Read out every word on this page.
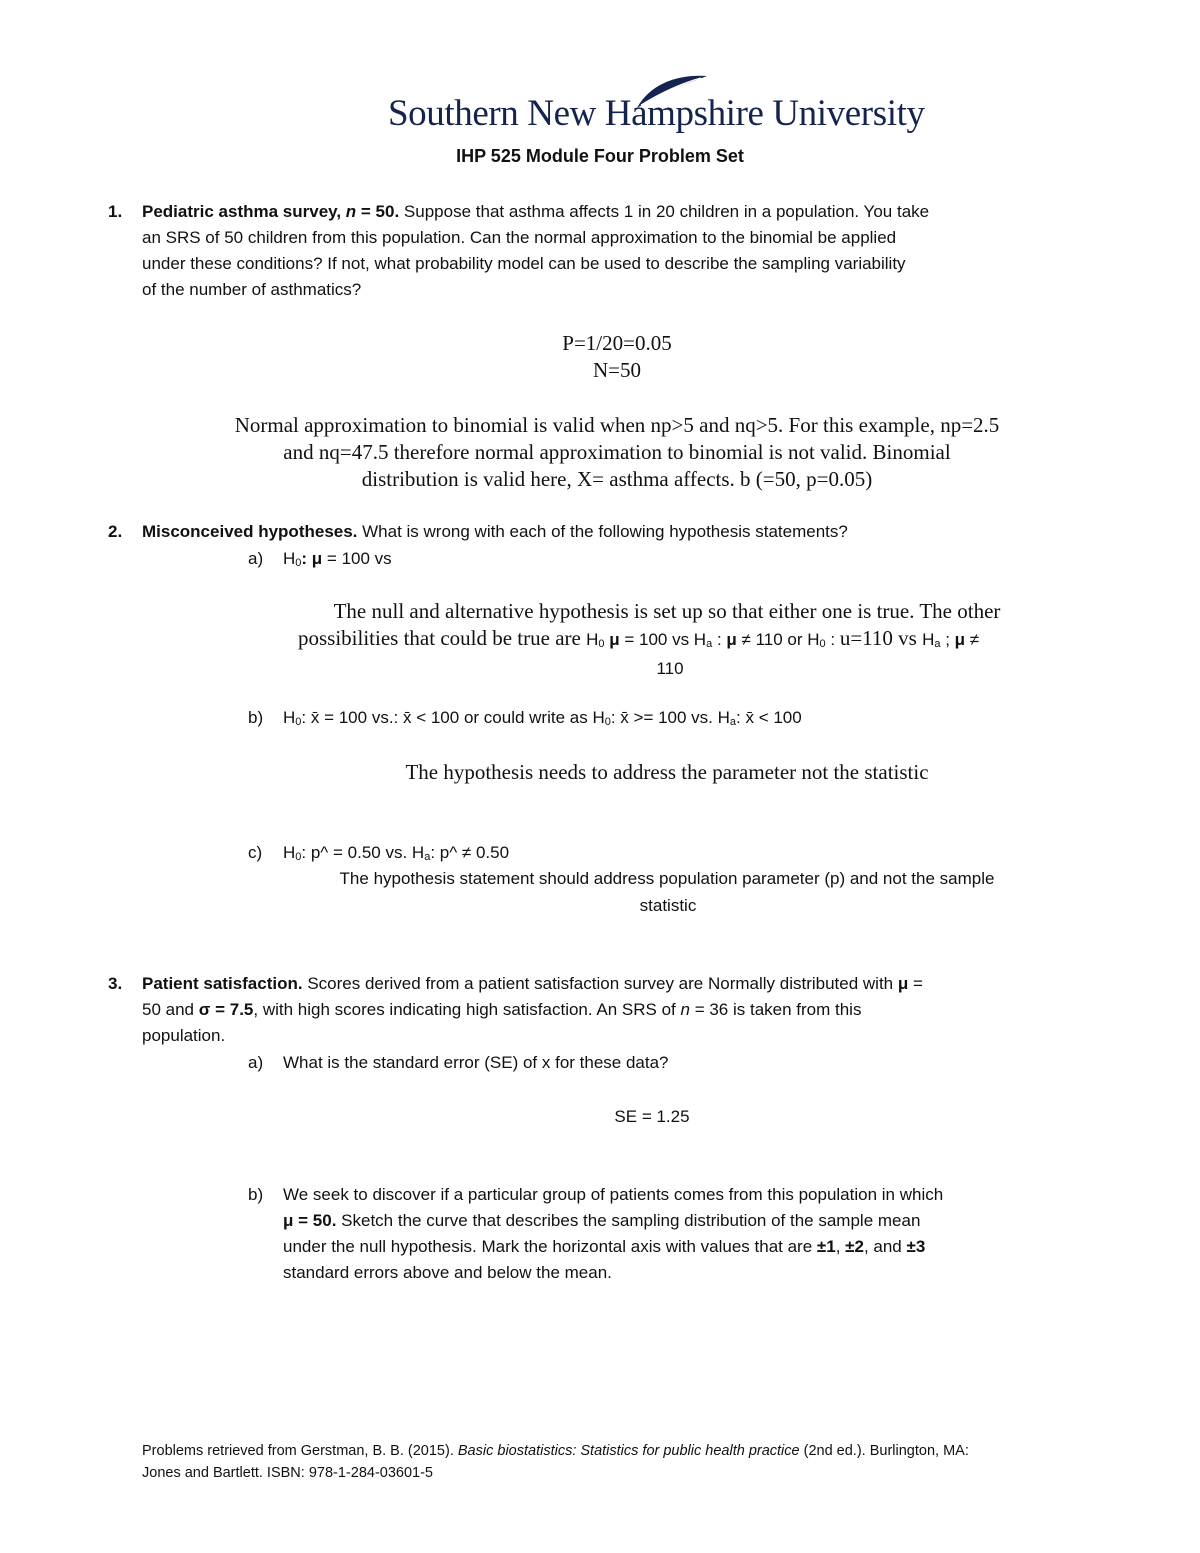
Southern New Hampshire University
IHP 525 Module Four Problem Set
1. Pediatric asthma survey, n = 50. Suppose that asthma affects 1 in 20 children in a population. You take
an SRS of 50 children from this population. Can the normal approximation to the binomial be applied
under these conditions? If not, what probability model can be used to describe the sampling variability
of the number of asthmatics?
P=1/20=0.05
N=50
Normal approximation to binomial is valid when np>5 and nq>5. For this example, np=2.5
and nq=47.5 therefore normal approximation to binomial is not valid. Binomial
distribution is valid here, X= asthma affects. b (=50, p=0.05)
2. Misconceived hypotheses. What is wrong with each of the following hypothesis statements?
a) $H_0$: μ = 100 vs
The null and alternative hypothesis is set up so that either one is true. The other
possibilities that could be true are $H_0$ μ = 100 vs $H_a$ : μ ≠ 110 or $H_0$ : u=110 vs $H_a$ ; μ ≠
110
b) $H_0$: x̄ = 100 vs.: x̄ < 100 or could write as $H_0$: x̄ >= 100 vs. $H_a$: x̄ < 100
The hypothesis needs to address the parameter not the statistic
c) $H_0$: p^ = 0.50 vs. $H_a$: p^ ≠ 0.50
The hypothesis statement should address population parameter (p) and not the sample
statistic
3. Patient satisfaction. Scores derived from a patient satisfaction survey are Normally distributed with μ =
50 and σ = 7.5, with high scores indicating high satisfaction. An SRS of n = 36 is taken from this
population.
a) What is the standard error (SE) of x for these data?
SE = 1.25
b) We seek to discover if a particular group of patients comes from this population in which
μ = 50. Sketch the curve that describes the sampling distribution of the sample mean
under the null hypothesis. Mark the horizontal axis with values that are ±1, ±2, and ±3
standard errors above and below the mean.
Problems retrieved from Gerstman, B. B. (2015). Basic biostatistics: Statistics for public health practice (2nd ed.). Burlington, MA:
Jones and Bartlett. ISBN: 978-1-284-03601-5
